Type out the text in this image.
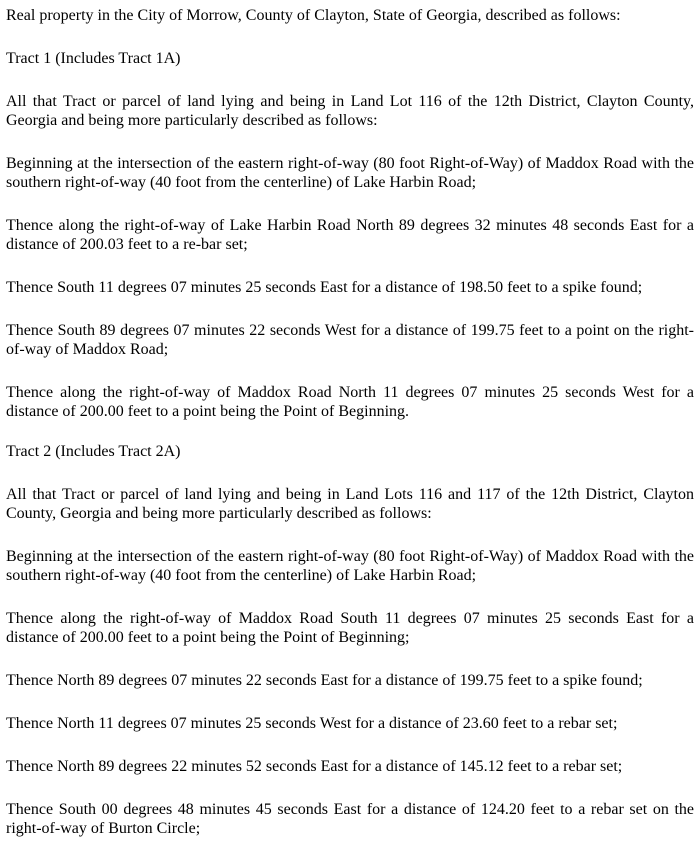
Real property in the City of Morrow, County of Clayton, State of Georgia, described as follows:

Tract 1 (Includes Tract 1A)

All that Tract or parcel of land lying and being in Land Lot 116 of the 12th District, Clayton County, Georgia and being more particularly described as follows:

Beginning at the intersection of the eastern right-of-way (80 foot Right-of-Way) of Maddox Road with the southern right-of-way (40 foot from the centerline) of Lake Harbin Road;

Thence along the right-of-way of Lake Harbin Road North 89 degrees 32 minutes 48 seconds East for a distance of 200.03 feet to a re-bar set;

Thence South 11 degrees 07 minutes 25 seconds East for a distance of 198.50 feet to a spike found;

Thence South 89 degrees 07 minutes 22 seconds West for a distance of 199.75 feet to a point on the right-of-way of Maddox Road;

Thence along the right-of-way of Maddox Road North 11 degrees 07 minutes 25 seconds West for a distance of 200.00 feet to a point being the Point of Beginning.

Tract 2 (Includes Tract 2A)

All that Tract or parcel of land lying and being in Land Lots 116 and 117 of the 12th District, Clayton County, Georgia and being more particularly described as follows:

Beginning at the intersection of the eastern right-of-way (80 foot Right-of-Way) of Maddox Road with the southern right-of-way (40 foot from the centerline) of Lake Harbin Road;

Thence along the right-of-way of Maddox Road South 11 degrees 07 minutes 25 seconds East for a distance of 200.00 feet to a point being the Point of Beginning;

Thence North 89 degrees 07 minutes 22 seconds East for a distance of 199.75 feet to a spike found;

Thence North 11 degrees 07 minutes 25 seconds West for a distance of 23.60 feet to a rebar set;

Thence North 89 degrees 22 minutes 52 seconds East for a distance of 145.12 feet to a rebar set;

Thence South 00 degrees 48 minutes 45 seconds East for a distance of 124.20 feet to a rebar set on the right-of-way of Burton Circle;
